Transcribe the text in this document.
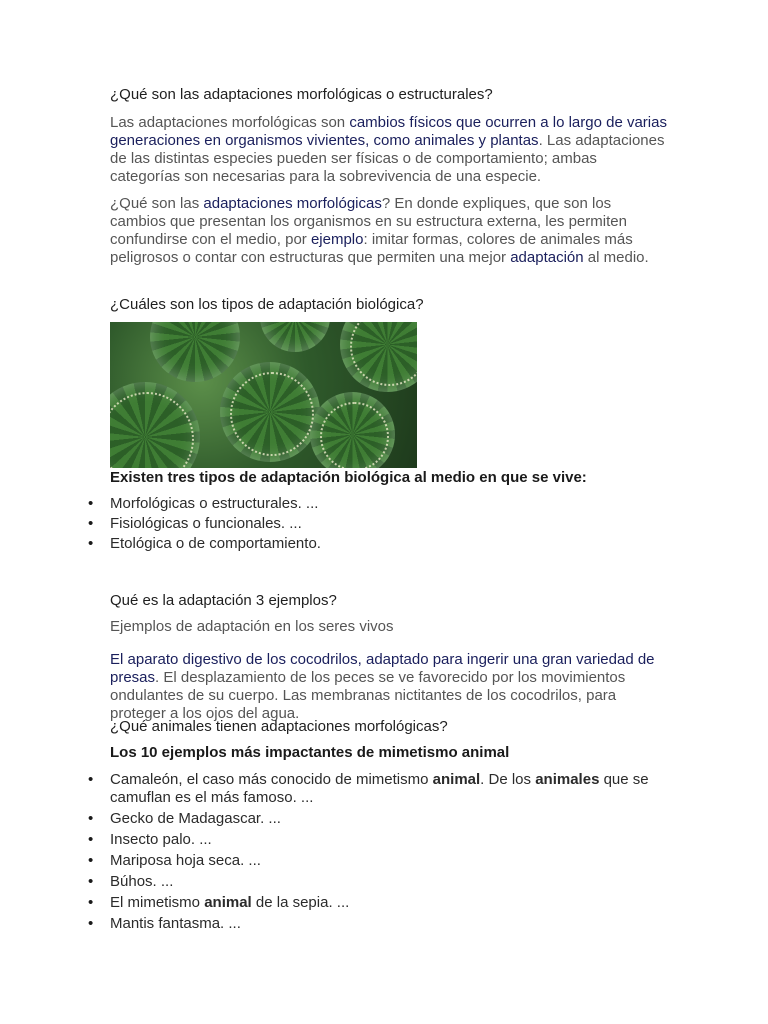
¿Qué son las adaptaciones morfológicas o estructurales?

Las adaptaciones morfológicas son cambios físicos que ocurren a lo largo de varias generaciones en organismos vivientes, como animales y plantas. Las adaptaciones de las distintas especies pueden ser físicas o de comportamiento; ambas categorías son necesarias para la sobrevivencia de una especie.

¿Qué son las adaptaciones morfológicas? En donde expliques, que son los cambios que presentan los organismos en su estructura externa, les permiten confundirse con el medio, por ejemplo: imitar formas, colores de animales más peligrosos o contar con estructuras que permiten una mejor adaptación al medio.

¿Cuáles son los tipos de adaptación biológica?

Existen tres tipos de adaptación biológica al medio en que se vive:

• Morfológicas o estructurales. ...
• Fisiológicas o funcionales. ...
• Etológica o de comportamiento.

Qué es la adaptación 3 ejemplos?

Ejemplos de adaptación en los seres vivos

El aparato digestivo de los cocodrilos, adaptado para ingerir una gran variedad de presas. El desplazamiento de los peces se ve favorecido por los movimientos ondulantes de su cuerpo. Las membranas nictitantes de los cocodrilos, para proteger a los ojos del agua.

¿Qué animales tienen adaptaciones morfológicas?

Los 10 ejemplos más impactantes de mimetismo animal

• Camaleón, el caso más conocido de mimetismo animal. De los animales que se camuflan es el más famoso. ...
• Gecko de Madagascar. ...
• Insecto palo. ...
• Mariposa hoja seca. ...
• Búhos. ...
• El mimetismo animal de la sepia. ...
• Mantis fantasma. ...
